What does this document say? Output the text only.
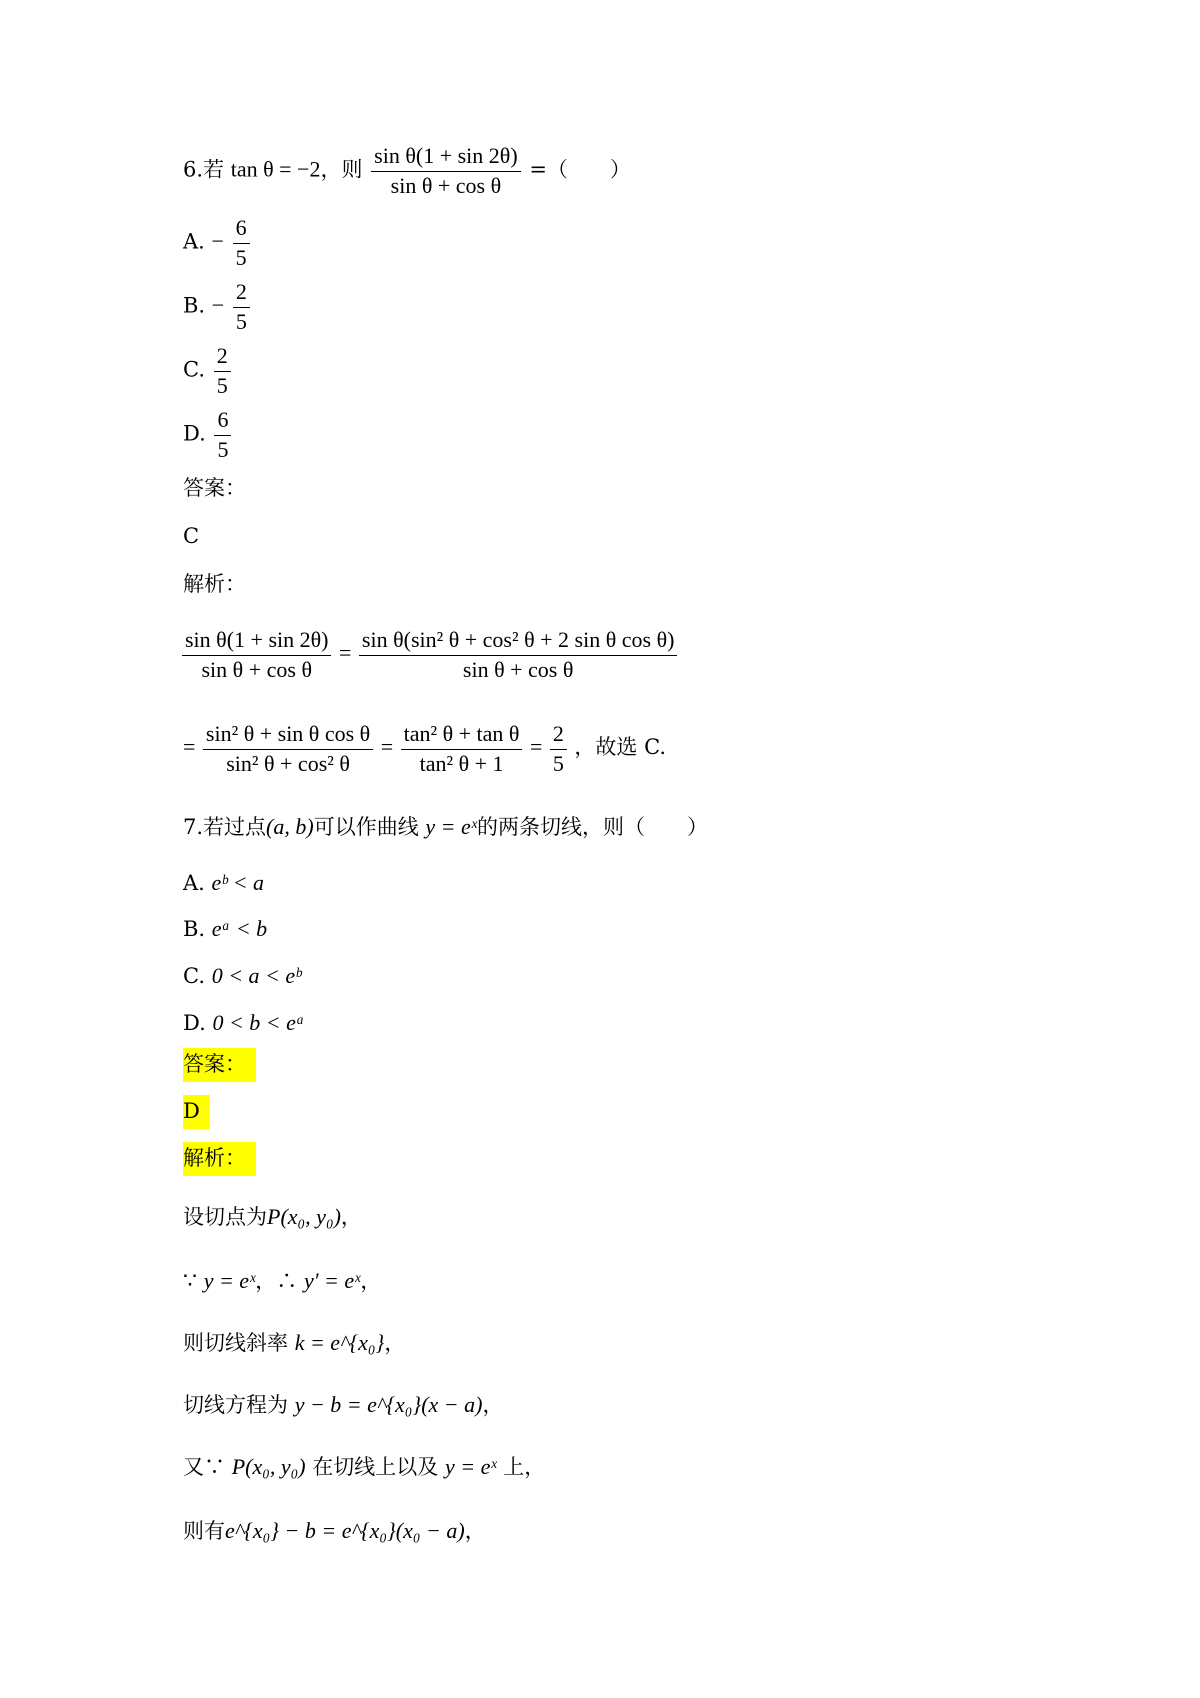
6.若 tan θ = −2，则 $\frac{\text{sin θ(1 + sin 2θ)}}{\text{sin θ + cos θ}}$ =（　　）
A. − $\frac{6}{5}$
B. − $\frac{2}{5}$
C. $\frac{2}{5}$
D. $\frac{6}{5}$
答案：
C
解析：
$\frac{\text{sin θ(1 + sin 2θ)}}{\text{sin θ + cos θ}} = \frac{\text{sin θ(sin² θ + cos² θ + 2 sin θ cos θ)}}{\text{sin θ + cos θ}}$
= $\frac{\text{sin² θ + sin θ cos θ}}{\text{sin² θ + cos² θ}} = \frac{\text{tan² θ + tan θ}}{\text{tan² θ + 1}} = \frac{2}{5}$ ，故选 C.
7.若过点(a, b)可以作曲线 y = eˣ的两条切线，则（　　）
A. eᵇ < a
B. eᵃ < b
C. 0 < a < eᵇ
D. 0 < b < eᵃ
答案：
D
解析：
设切点为P(x₀, y₀)，
∵ y = eˣ，∴ y′ = eˣ，
则切线斜率 k = e^{x₀}，
切线方程为 y − b = e^{x₀}(x − a)，
又∵ P(x₀, y₀) 在切线上以及 y = eˣ 上，
则有e^{x₀} − b = e^{x₀}(x₀ − a)，
